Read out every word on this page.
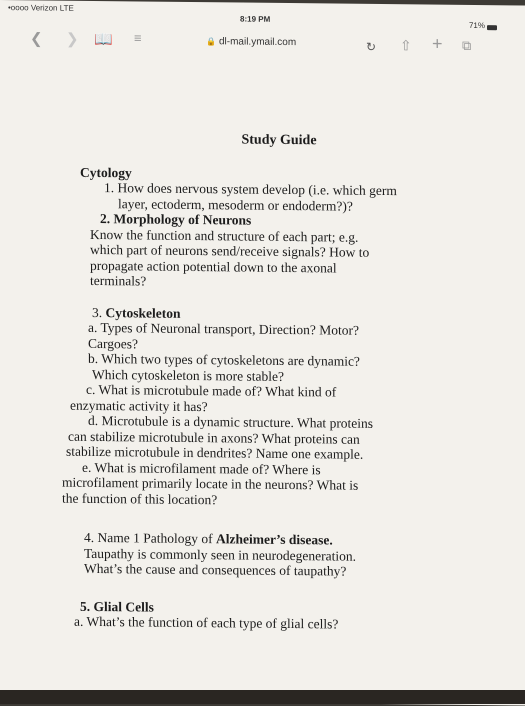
•oooo Verizon LTE
8:19 PM
71%
❮ ❯ 📖 ≡	🔒 dl-mail.ymail.com	↻ ⇧ + ⧉

Study Guide

Cytology

1. How does nervous system develop (i.e. which germ

layer, ectoderm, mesoderm or endoderm?)?

2. Morphology of Neurons

Know the function and structure of each part; e.g.

which part of neurons send/receive signals? How to

propagate action potential down to the axonal

terminals?

3. Cytoskeleton

a. Types of Neuronal transport, Direction? Motor?

Cargoes?

b. Which two types of cytoskeletons are dynamic?

Which cytoskeleton is more stable?

c. What is microtubule made of? What kind of

enzymatic activity it has?

d. Microtubule is a dynamic structure. What proteins

can stabilize microtubule in axons? What proteins can

stabilize microtubule in dendrites? Name one example.

e. What is microfilament made of? Where is

microfilament primarily locate in the neurons? What is

the function of this location?

4. Name 1 Pathology of Alzheimer’s disease.

Taupathy is commonly seen in neurodegeneration.

What’s the cause and consequences of taupathy?

5. Glial Cells

a. What’s the function of each type of glial cells?
